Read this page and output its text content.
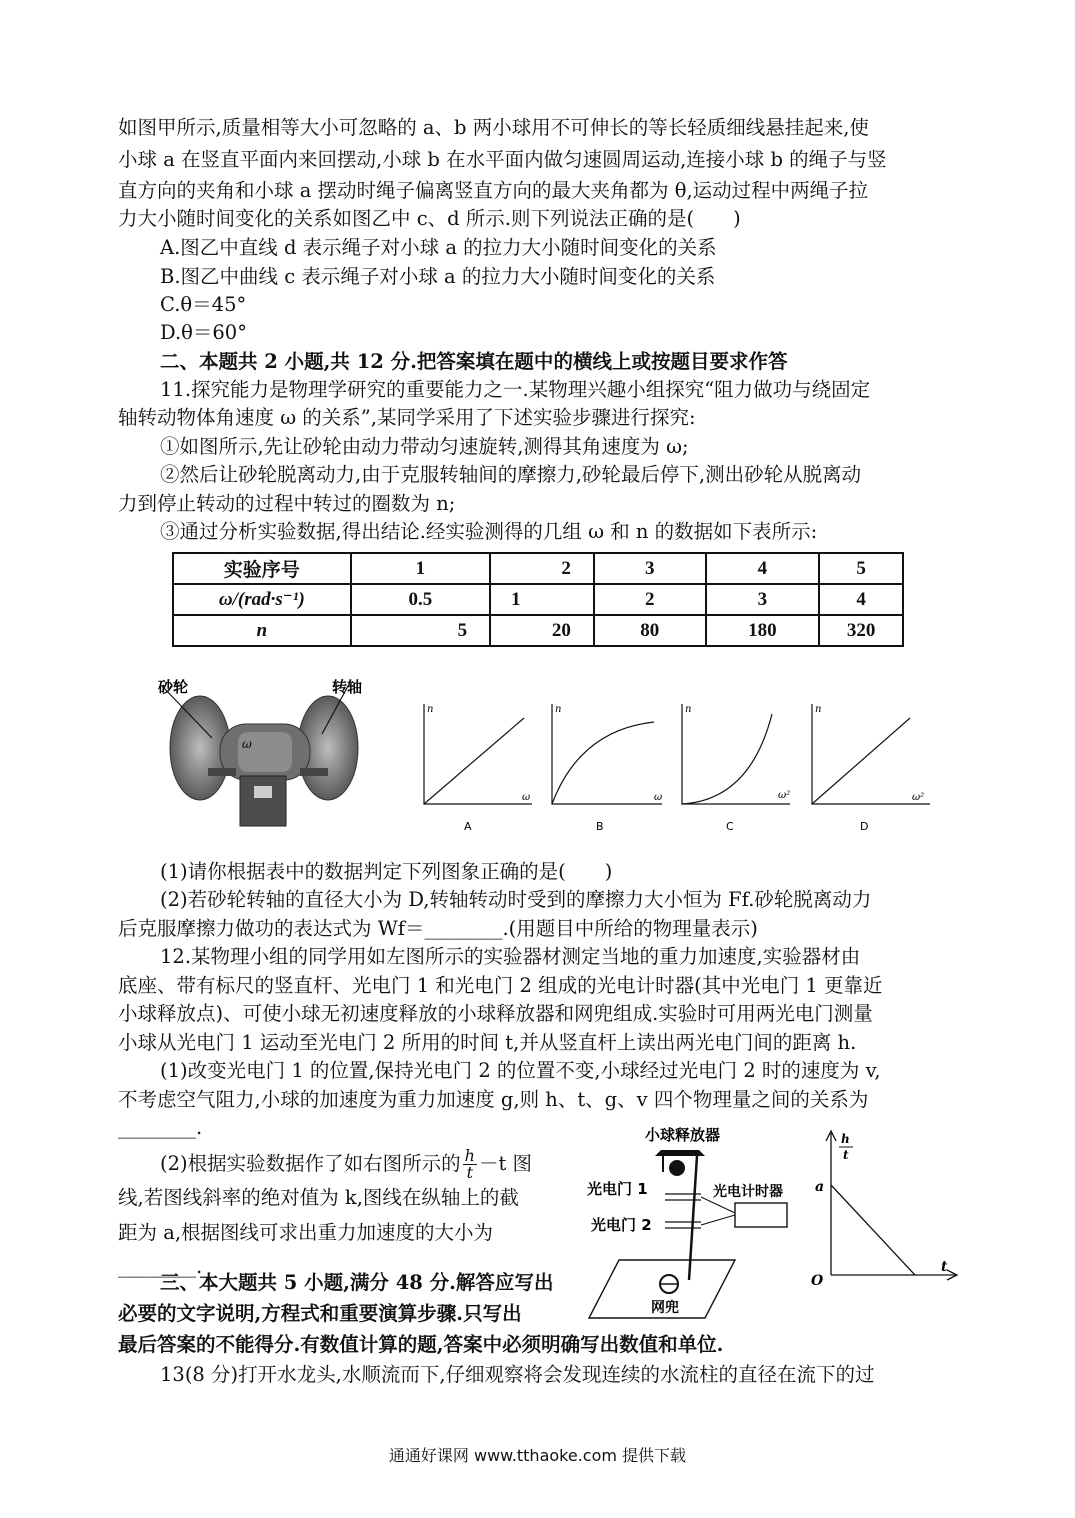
如图甲所示,质量相等大小可忽略的 a、b 两小球用不可伸长的等长轻质细线悬挂起来,使
小球 a 在竖直平面内来回摆动,小球 b 在水平面内做匀速圆周运动,连接小球 b 的绳子与竖
直方向的夹角和小球 a 摆动时绳子偏离竖直方向的最大夹角都为 θ,运动过程中两绳子拉
力大小随时间变化的关系如图乙中 c、d 所示.则下列说法正确的是(　　)
A.图乙中直线 d 表示绳子对小球 a 的拉力大小随时间变化的关系
B.图乙中曲线 c 表示绳子对小球 a 的拉力大小随时间变化的关系
C.θ＝45°
D.θ＝60°
二、本题共 2 小题,共 12 分.把答案填在题中的横线上或按题目要求作答
11.探究能力是物理学研究的重要能力之一.某物理兴趣小组探究“阻力做功与绕固定
轴转动物体角速度 ω 的关系”,某同学采用了下述实验步骤进行探究:
①如图所示,先让砂轮由动力带动匀速旋转,测得其角速度为 ω;
②然后让砂轮脱离动力,由于克服转轴间的摩擦力,砂轮最后停下,测出砂轮从脱离动
力到停止转动的过程中转过的圈数为 n;
③通过分析实验数据,得出结论.经实验测得的几组 ω 和 n 的数据如下表所示:
实验序号	1	2	3	4	5
ω/(rad·s⁻¹)	0.5	1	2	3	4
n	5	20	80	180	320
砂轮	转轴
ω
n
ω
A
n
ω
B
n
ω²
C
n
ω²
D
(1)请你根据表中的数据判定下列图象正确的是(　　)
(2)若砂轮转轴的直径大小为 D,转轴转动时受到的摩擦力大小恒为 Ff.砂轮脱离动力
后克服摩擦力做功的表达式为 Wf＝________.(用题目中所给的物理量表示)
12.某物理小组的同学用如左图所示的实验器材测定当地的重力加速度,实验器材由
底座、带有标尺的竖直杆、光电门 1 和光电门 2 组成的光电计时器(其中光电门 1 更靠近
小球释放点)、可使小球无初速度释放的小球释放器和网兜组成.实验时可用两光电门测量
小球从光电门 1 运动至光电门 2 所用的时间 t,并从竖直杆上读出两光电门间的距离 h.
(1)改变光电门 1 的位置,保持光电门 2 的位置不变,小球经过光电门 2 时的速度为 v,
不考虑空气阻力,小球的加速度为重力加速度 g,则 h、t、g、v 四个物理量之间的关系为
________.
(2)根据实验数据作了如右图所示的 $\frac{h}{t} -t$ 图
线,若图线斜率的绝对值为 k,图线在纵轴上的截
距为 a,根据图线可求出重力加速度的大小为
________.
小球释放器
光电门 1
光电门 2
光电计时器
网兜
h
t
a
O
t
三、本大题共 5 小题,满分 48 分.解答应写出
必要的文字说明,方程式和重要演算步骤.只写出
最后答案的不能得分.有数值计算的题,答案中必须明确写出数值和单位.
13(8 分)打开水龙头,水顺流而下,仔细观察将会发现连续的水流柱的直径在流下的过
通通好课网 www.tthaoke.com 提供下载
